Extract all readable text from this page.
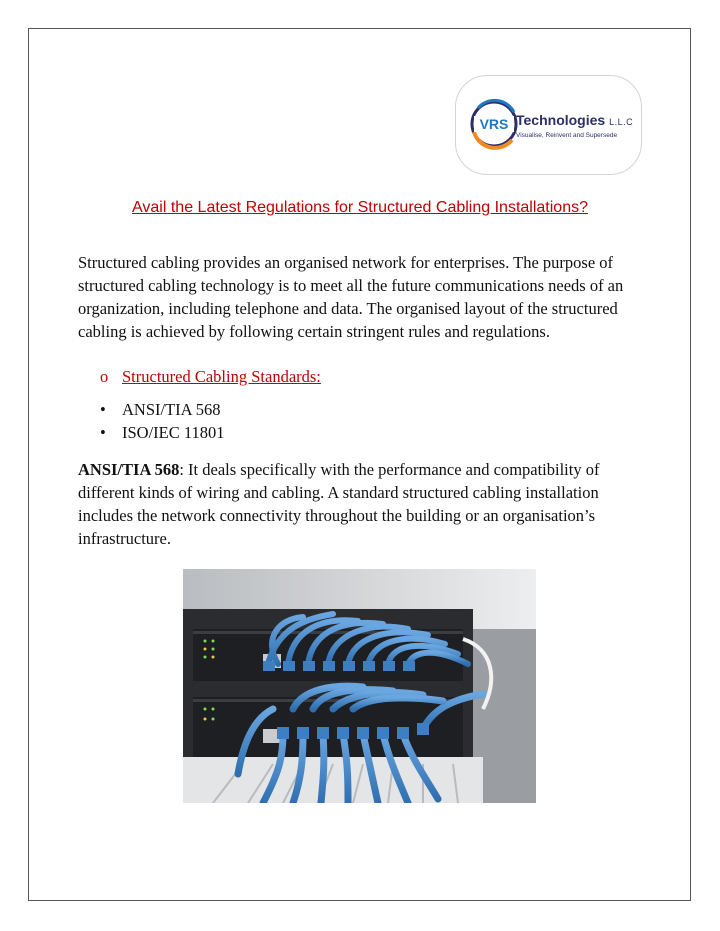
VRS Technologies L.L.C
Visualise, Reinvent and Supersede
Avail the Latest Regulations for Structured Cabling Installations?

Structured cabling provides an organised network for enterprises. The purpose of structured cabling technology is to meet all the future communications needs of an organization, including telephone and data. The organised layout of the structured cabling is achieved by following certain stringent rules and regulations.

o Structured Cabling Standards:
• ANSI/TIA 568
• ISO/IEC 11801

ANSI/TIA 568: It deals specifically with the performance and compatibility of different kinds of wiring and cabling. A standard structured cabling installation includes the network connectivity throughout the building or an organisation’s infrastructure.
